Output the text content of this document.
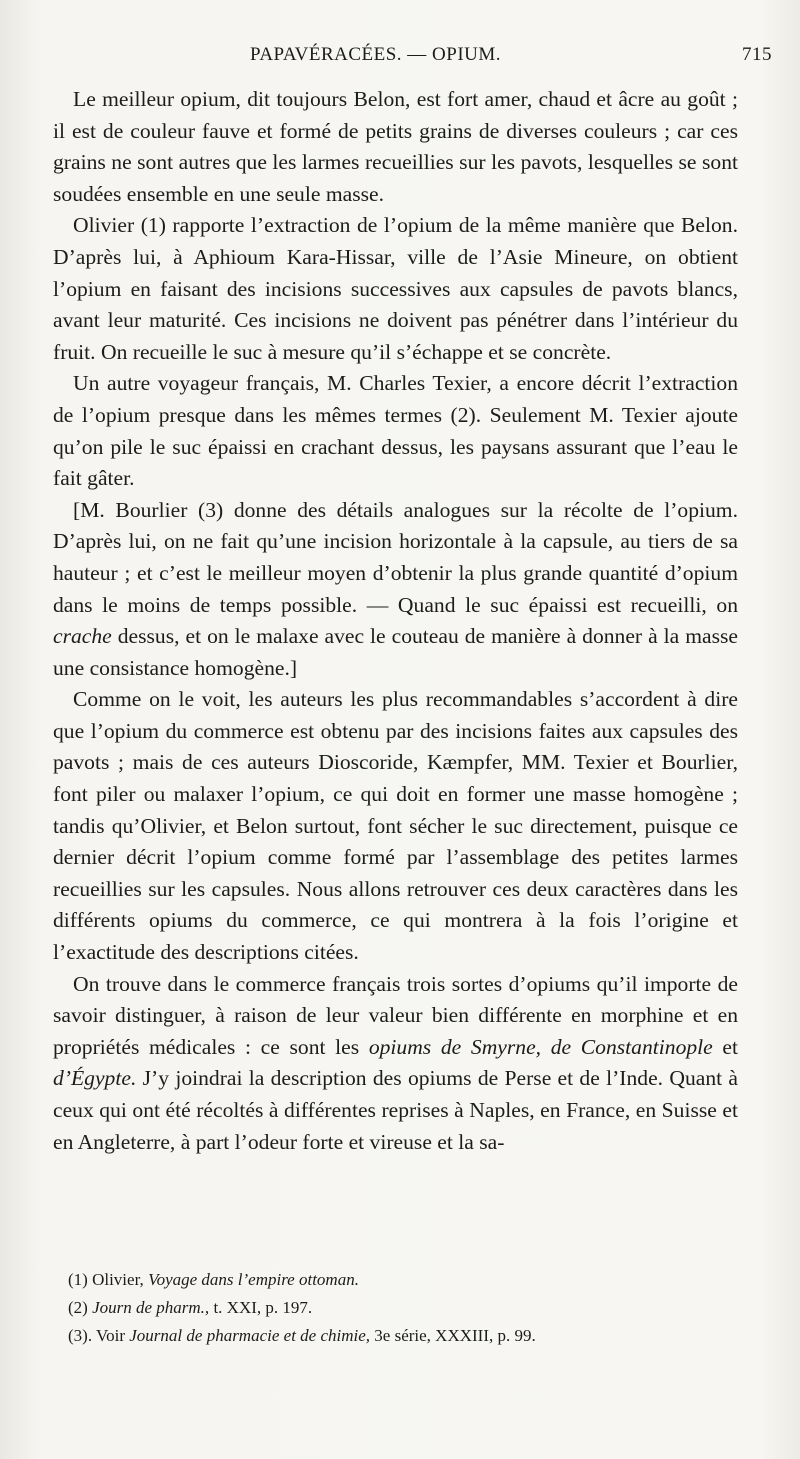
PAPAVÉRACÉES. — OPIUM.	715

Le meilleur opium, dit toujours Belon, est fort amer, chaud et âcre au goût ; il est de couleur fauve et formé de petits grains de diverses couleurs ; car ces grains ne sont autres que les larmes recueillies sur les pavots, lesquelles se sont soudées ensemble en une seule masse.

Olivier (1) rapporte l’extraction de l’opium de la même manière que Belon. D’après lui, à Aphioum Kara-Hissar, ville de l’Asie Mineure, on obtient l’opium en faisant des incisions successives aux capsules de pavots blancs, avant leur maturité. Ces incisions ne doivent pas pénétrer dans l’intérieur du fruit. On recueille le suc à mesure qu’il s’échappe et se concrète.

Un autre voyageur français, M. Charles Texier, a encore décrit l’extraction de l’opium presque dans les mêmes termes (2). Seulement M. Texier ajoute qu’on pile le suc épaissi en crachant dessus, les paysans assurant que l’eau le fait gâter.

[M. Bourlier (3) donne des détails analogues sur la récolte de l’opium. D’après lui, on ne fait qu’une incision horizontale à la capsule, au tiers de sa hauteur ; et c’est le meilleur moyen d’obtenir la plus grande quantité d’opium dans le moins de temps possible. — Quand le suc épaissi est recueilli, on crache dessus, et on le malaxe avec le couteau de manière à donner à la masse une consistance homogène.]

Comme on le voit, les auteurs les plus recommandables s’accordent à dire que l’opium du commerce est obtenu par des incisions faites aux capsules des pavots ; mais de ces auteurs Dioscoride, Kæmpfer, MM. Texier et Bourlier, font piler ou malaxer l’opium, ce qui doit en former une masse homogène ; tandis qu’Olivier, et Belon surtout, font sécher le suc directement, puisque ce dernier décrit l’opium comme formé par l’assemblage des petites larmes recueillies sur les capsules. Nous allons retrouver ces deux caractères dans les différents opiums du commerce, ce qui montrera à la fois l’origine et l’exactitude des descriptions citées.

On trouve dans le commerce français trois sortes d’opiums qu’il importe de savoir distinguer, à raison de leur valeur bien différente en morphine et en propriétés médicales : ce sont les opiums de Smyrne, de Constantinople et d’Égypte. J’y joindrai la description des opiums de Perse et de l’Inde. Quant à ceux qui ont été récoltés à différentes reprises à Naples, en France, en Suisse et en Angleterre, à part l’odeur forte et vireuse et la sa-

(1) Olivier, Voyage dans l’empire ottoman.
(2) Journ de pharm., t. XXI, p. 197.
(3). Voir Journal de pharmacie et de chimie, 3e série, XXXIII, p. 99.
